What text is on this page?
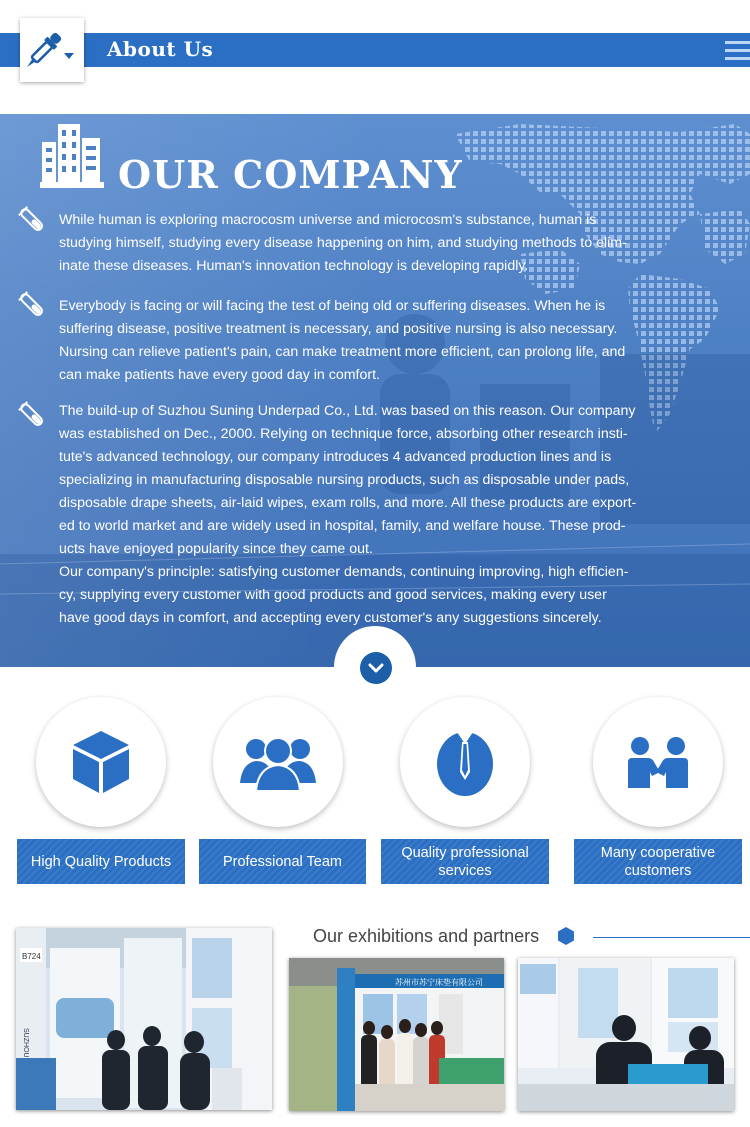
About Us
OUR COMPANY
While human is exploring macrocosm universe and microcosm's substance, human is
studying himself, studying every disease happening on him, and studying methods to elim-
inate these diseases. Human's innovation technology is developing rapidly.
Everybody is facing or will facing the test of being old or suffering diseases. When he is
suffering disease, positive treatment is necessary, and positive nursing is also necessary.
Nursing can relieve patient's pain, can make treatment more efficient, can prolong life, and
can make patients have every good day in comfort.
The build-up of Suzhou Suning Underpad Co., Ltd. was based on this reason. Our company
was established on Dec., 2000. Relying on technique force, absorbing other research insti-
tute's advanced technology, our company introduces 4 advanced production lines and is
specializing in manufacturing disposable nursing products, such as disposable under pads,
disposable drape sheets, air-laid wipes, exam rolls, and more. All these products are export-
ed to world market and are widely used in hospital, family, and welfare house. These prod-
ucts have enjoyed popularity since they came out.
Our company's principle: satisfying customer demands, continuing improving, high efficien-
cy, supplying every customer with good products and good services, making every user
have good days in comfort, and accepting every customer's any suggestions sincerely.
High Quality Products	Professional Team
Quality professional services
Many cooperative customers
Our exhibitions and partners
B724
SUZHOU
苏州市苏宁床垫有限公司
